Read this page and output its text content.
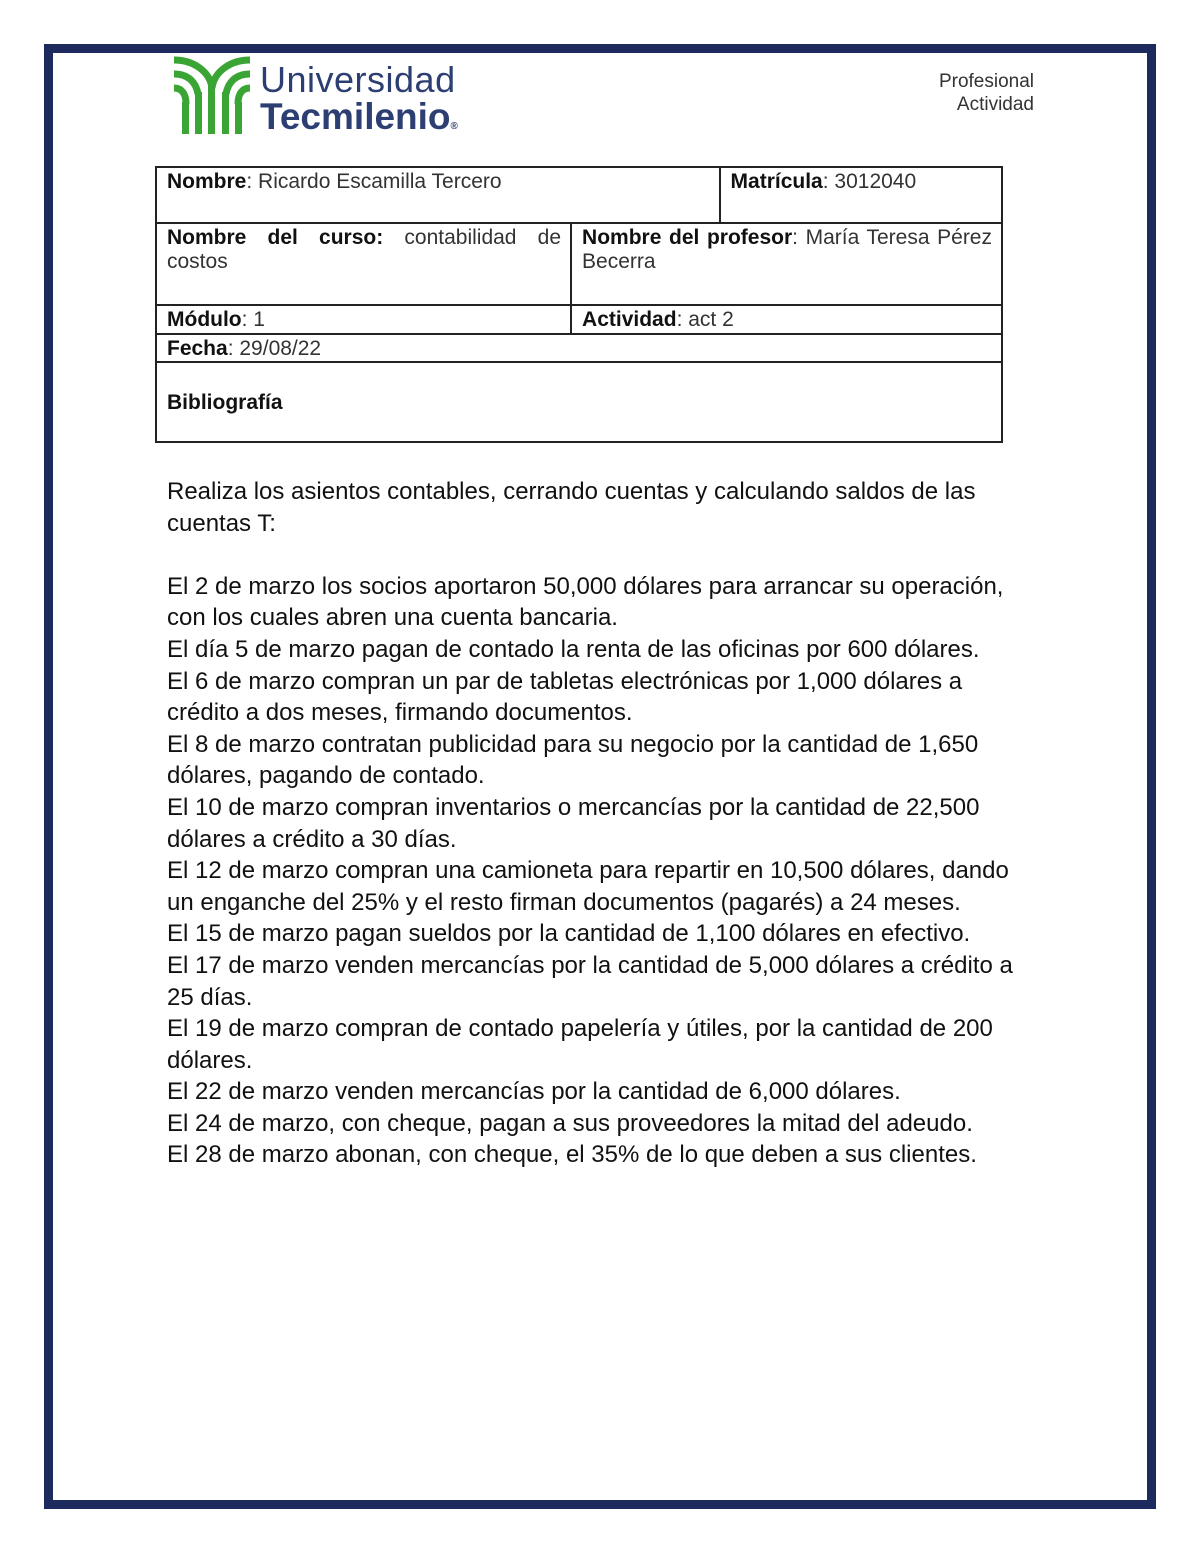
Universidad
Tecmilenio®
Profesional
Actividad
Nombre: Ricardo Escamilla Tercero		Matrícula: 3012040
Nombre del curso: contabilidad de costos	Nombre del profesor: María Teresa Pérez Becerra	
Módulo: 1	Actividad: act 2	
Fecha: 29/08/22		
Bibliografía		

Realiza los asientos contables, cerrando cuentas y calculando saldos de las cuentas T:

El 2 de marzo los socios aportaron 50,000 dólares para arrancar su operación, con los cuales abren una cuenta bancaria.

El día 5 de marzo pagan de contado la renta de las oficinas por 600 dólares.

El 6 de marzo compran un par de tabletas electrónicas por 1,000 dólares a crédito a dos meses, firmando documentos.

El 8 de marzo contratan publicidad para su negocio por la cantidad de 1,650 dólares, pagando de contado.

El 10 de marzo compran inventarios o mercancías por la cantidad de 22,500 dólares a crédito a 30 días.

El 12 de marzo compran una camioneta para repartir en 10,500 dólares, dando un enganche del 25% y el resto firman documentos (pagarés) a 24 meses.

El 15 de marzo pagan sueldos por la cantidad de 1,100 dólares en efectivo.

El 17 de marzo venden mercancías por la cantidad de 5,000 dólares a crédito a 25 días.

El 19 de marzo compran de contado papelería y útiles, por la cantidad de 200 dólares.

El 22 de marzo venden mercancías por la cantidad de 6,000 dólares.

El 24 de marzo, con cheque, pagan a sus proveedores la mitad del adeudo.

El 28 de marzo abonan, con cheque, el 35% de lo que deben a sus clientes.
